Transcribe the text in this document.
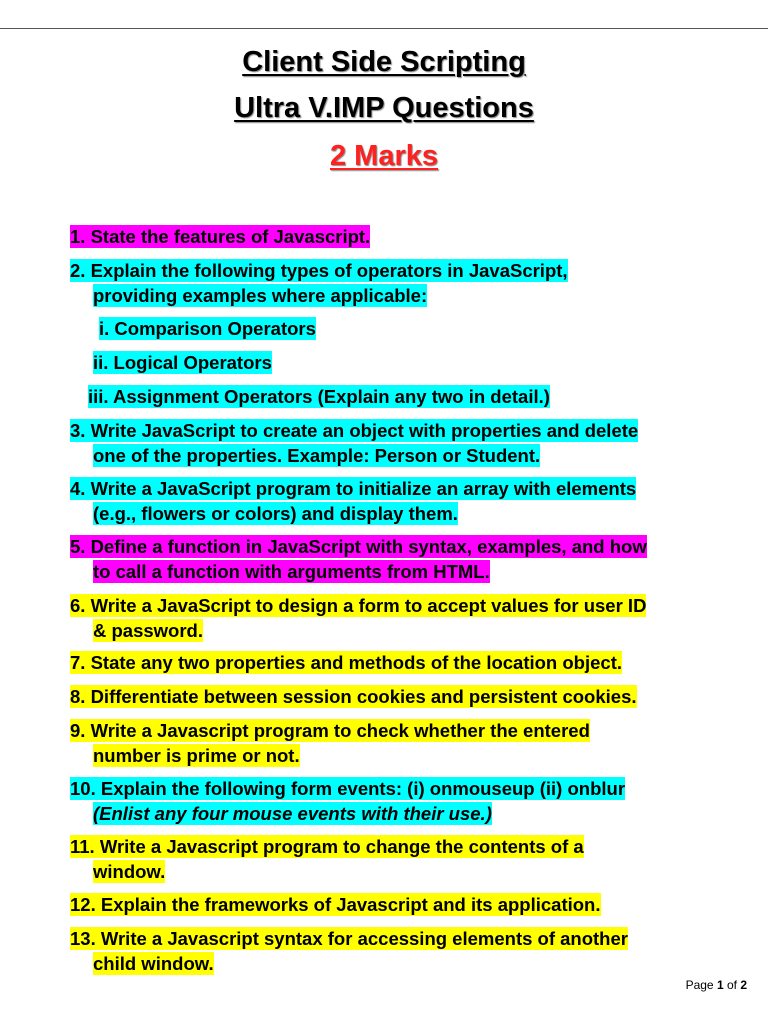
Client Side Scripting
Ultra V.IMP Questions
2 Marks
1. State the features of Javascript.
2. Explain the following types of operators in JavaScript,
providing examples where applicable:
i. Comparison Operators
ii. Logical Operators
iii. Assignment Operators (Explain any two in detail.)
3. Write JavaScript to create an object with properties and delete
one of the properties. Example: Person or Student.
4. Write a JavaScript program to initialize an array with elements
(e.g., flowers or colors) and display them.
5. Define a function in JavaScript with syntax, examples, and how
to call a function with arguments from HTML.
6. Write a JavaScript to design a form to accept values for user ID
& password.
7. State any two properties and methods of the location object.
8. Differentiate between session cookies and persistent cookies.
9. Write a Javascript program to check whether the entered
number is prime or not.
10. Explain the following form events: (i) onmouseup (ii) onblur
(Enlist any four mouse events with their use.)
11. Write a Javascript program to change the contents of a
window.
12. Explain the frameworks of Javascript and its application.
13. Write a Javascript syntax for accessing elements of another
child window.
Page 1 of 2
